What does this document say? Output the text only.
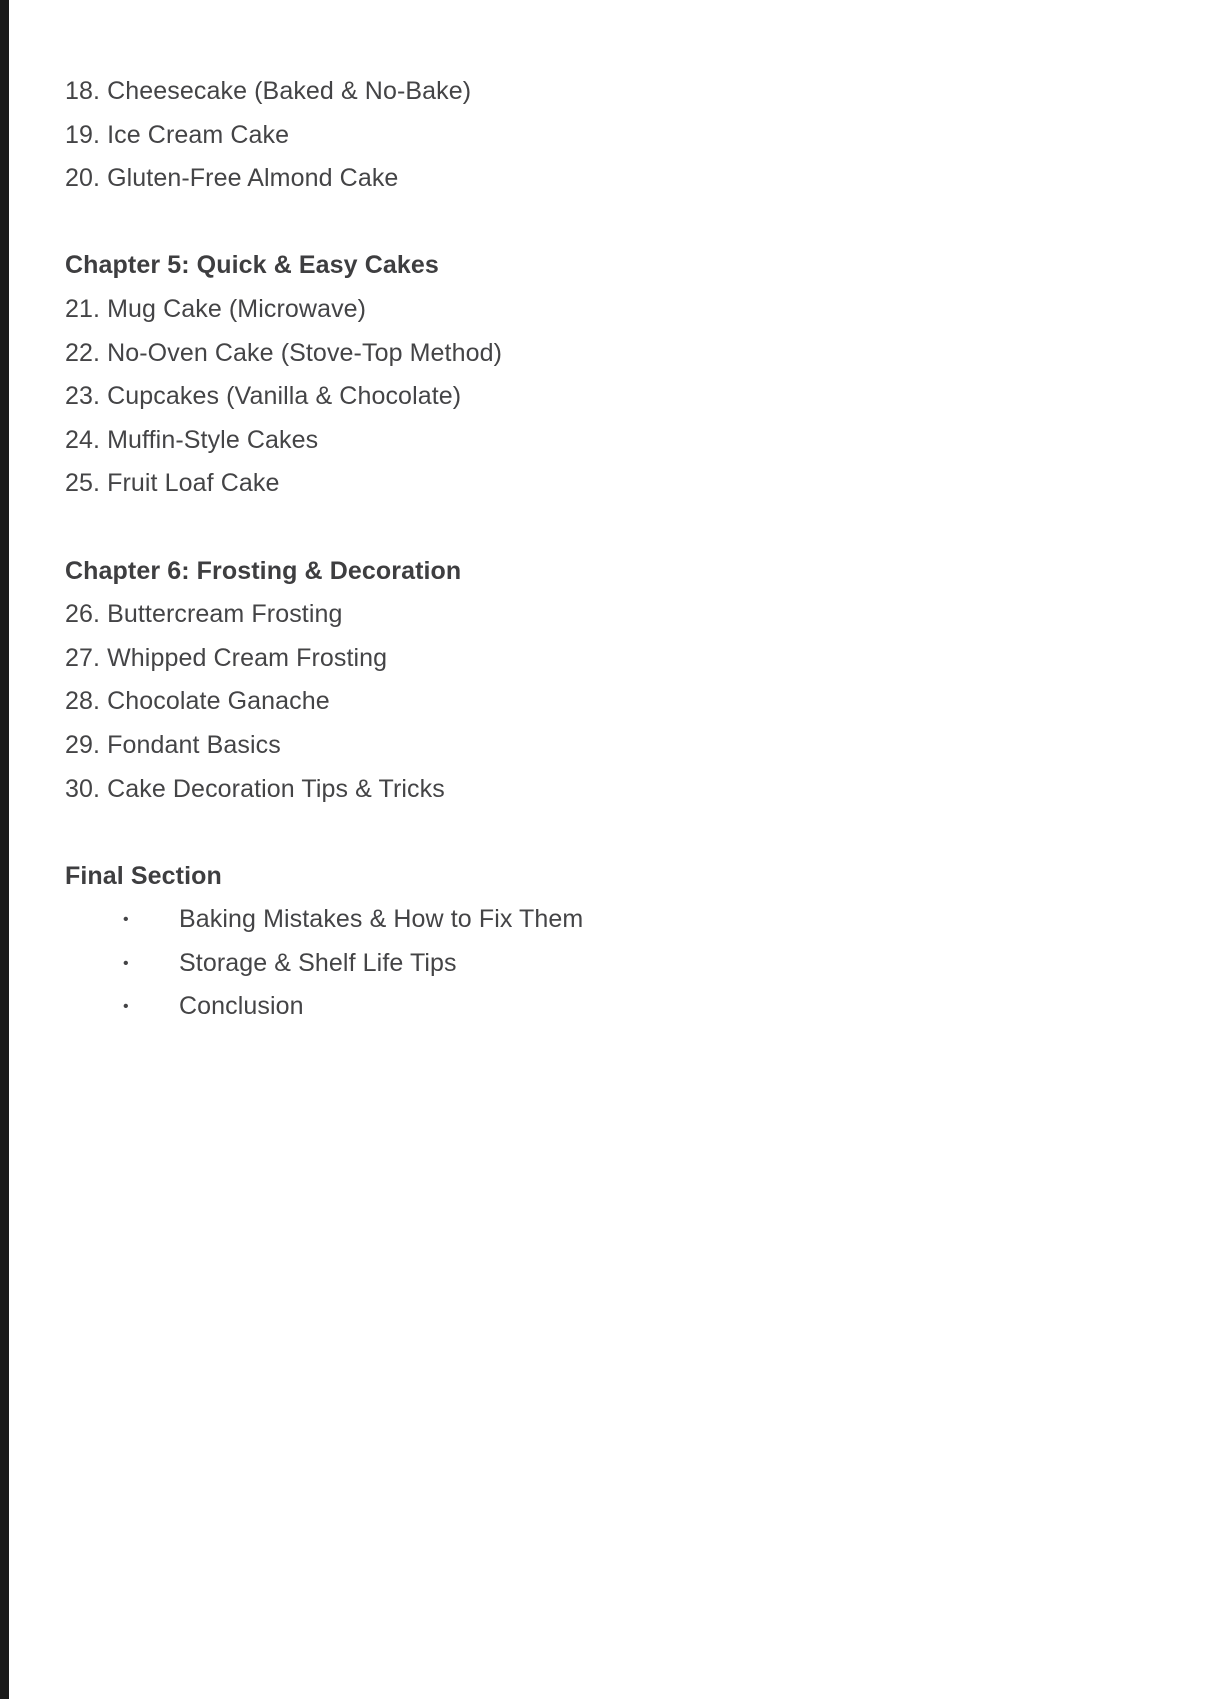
18. Cheesecake (Baked & No-Bake)
19. Ice Cream Cake
20. Gluten-Free Almond Cake
Chapter 5: Quick & Easy Cakes
21. Mug Cake (Microwave)
22. No-Oven Cake (Stove-Top Method)
23. Cupcakes (Vanilla & Chocolate)
24. Muffin-Style Cakes
25. Fruit Loaf Cake
Chapter 6: Frosting & Decoration
26. Buttercream Frosting
27. Whipped Cream Frosting
28. Chocolate Ganache
29. Fondant Basics
30. Cake Decoration Tips & Tricks
Final Section
• Baking Mistakes & How to Fix Them
• Storage & Shelf Life Tips
• Conclusion
